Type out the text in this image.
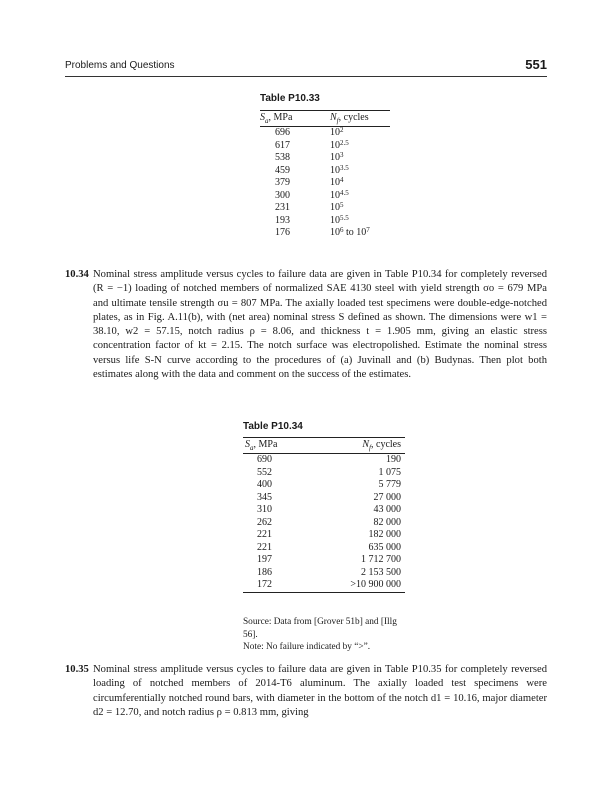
Problems and Questions	551
Table P10.33
$S_a$, MPa	$N_f$, cycles
696	$10^2$
617	$10^{2.5}$
538	$10^3$
459	$10^{3.5}$
379	$10^4$
300	$10^{4.5}$
231	$10^5$
193	$10^{5.5}$
176	$10^6$ to $10^7$
10.34 Nominal stress amplitude versus cycles to failure data are given in Table P10.34 for completely reversed (R = −1) loading of notched members of normalized SAE 4130 steel with yield strength σo = 679 MPa and ultimate tensile strength σu = 807 MPa. The axially loaded test specimens were double-edge-notched plates, as in Fig. A.11(b), with (net area) nominal stress S defined as shown. The dimensions were w1 = 38.10, w2 = 57.15, notch radius ρ = 8.06, and thickness t = 1.905 mm, giving an elastic stress concentration factor of kt = 2.15. The notch surface was electropolished. Estimate the nominal stress versus life S-N curve according to the procedures of (a) Juvinall and (b) Budynas. Then plot both estimates along with the data and comment on the success of the estimates.
Table P10.34
$S_a$, MPa	$N_f$, cycles
690	190
552	1 075
400	5 779
345	27 000
310	43 000
262	82 000
221	182 000
221	635 000
197	1 712 700
186	2 153 500
172	>10 900 000
Source: Data from [Grover 51b] and [Illg 56].
Note: No failure indicated by “>”.
10.35 Nominal stress amplitude versus cycles to failure data are given in Table P10.35 for completely reversed loading of notched members of 2014-T6 aluminum. The axially loaded test specimens were circumferentially notched round bars, with diameter in the bottom of the notch d1 = 10.16, major diameter d2 = 12.70, and notch radius ρ = 0.813 mm, giving
